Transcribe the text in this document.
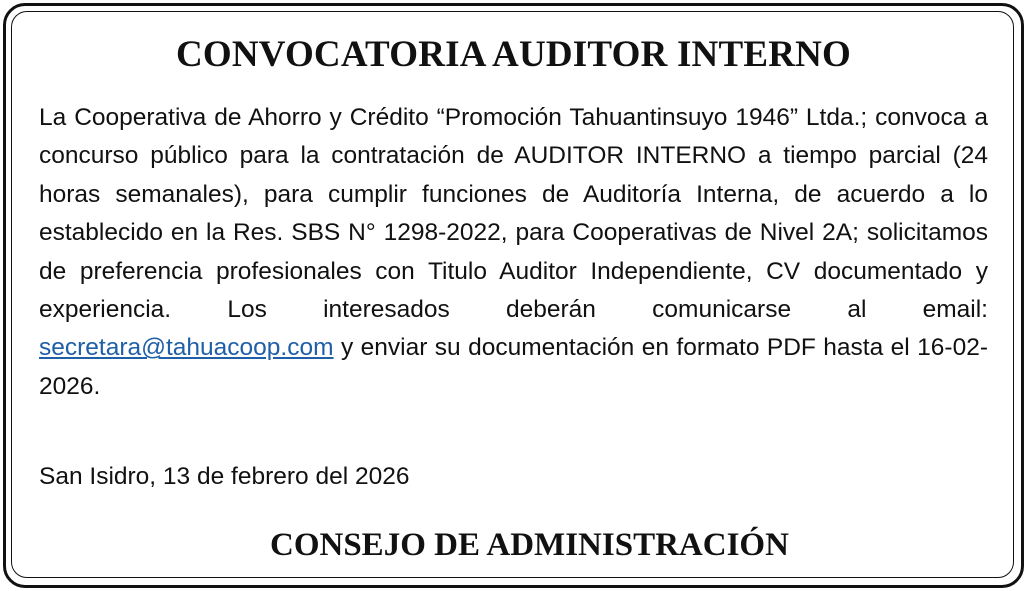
CONVOCATORIA AUDITOR INTERNO

La Cooperativa de Ahorro y Crédito “Promoción Tahuantinsuyo 1946” Ltda.; convoca a concurso público para la contratación de AUDITOR INTERNO a tiempo parcial (24 horas semanales), para cumplir funciones de Auditoría Interna, de acuerdo a lo establecido en la Res. SBS N° 1298-2022, para Cooperativas de Nivel 2A; solicitamos de preferencia profesionales con Titulo Auditor Independiente, CV documentado y experiencia. Los interesados deberán comunicarse al email: secretara@tahuacoop.com y enviar su documentación en formato PDF hasta el 16-02-2026.

San Isidro, 13 de febrero del 2026

CONSEJO DE ADMINISTRACIÓN
